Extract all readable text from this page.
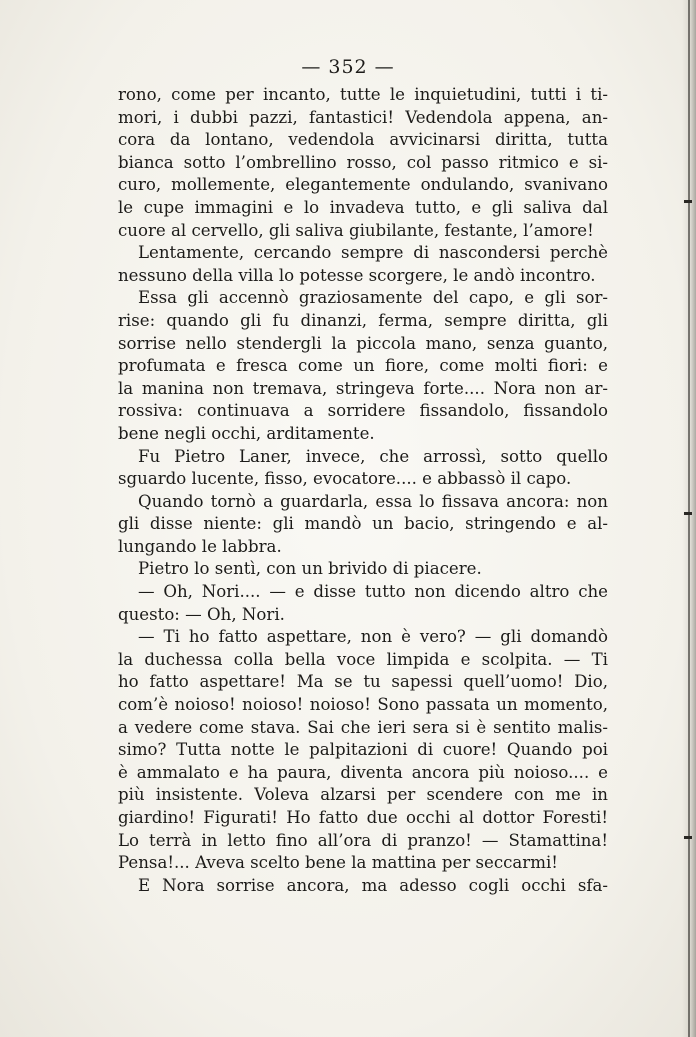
— 352 —
rono, come per incanto, tutte le inquietudini, tutti i ti-
mori, i dubbi pazzi, fantastici! Vedendola appena, an-
cora da lontano, vedendola avvicinarsi diritta, tutta
bianca sotto l’ombrellino rosso, col passo ritmico e si-
curo, mollemente, elegantemente ondulando, svanivano
le cupe immagini e lo invadeva tutto, e gli saliva dal
cuore al cervello, gli saliva giubilante, festante, l’amore!
Lentamente, cercando sempre di nascondersi perchè
nessuno della villa lo potesse scorgere, le andò incontro.
Essa gli accennò graziosamente del capo, e gli sor-
rise: quando gli fu dinanzi, ferma, sempre diritta, gli
sorrise nello stendergli la piccola mano, senza guanto,
profumata e fresca come un fiore, come molti fiori: e
la manina non tremava, stringeva forte.... Nora non ar-
rossiva: continuava a sorridere fissandolo, fissandolo
bene negli occhi, arditamente.
Fu Pietro Laner, invece, che arrossì, sotto quello
sguardo lucente, fisso, evocatore.... e abbassò il capo.
Quando tornò a guardarla, essa lo fissava ancora: non
gli disse niente: gli mandò un bacio, stringendo e al-
lungando le labbra.
Pietro lo sentì, con un brivido di piacere.
— Oh, Nori.... — e disse tutto non dicendo altro che
questo: — Oh, Nori.
— Ti ho fatto aspettare, non è vero? — gli domandò
la duchessa colla bella voce limpida e scolpita. — Ti
ho fatto aspettare! Ma se tu sapessi quell’uomo! Dio,
com’è noioso! noioso! noioso! Sono passata un momento,
a vedere come stava. Sai che ieri sera si è sentito malis-
simo? Tutta notte le palpitazioni di cuore! Quando poi
è ammalato e ha paura, diventa ancora più noioso.... e
più insistente. Voleva alzarsi per scendere con me in
giardino! Figurati! Ho fatto due occhi al dottor Foresti!
Lo terrà in letto fino all’ora di pranzo! — Stamattina!
Pensa!... Aveva scelto bene la mattina per seccarmi!
E Nora sorrise ancora, ma adesso cogli occhi sfa-
